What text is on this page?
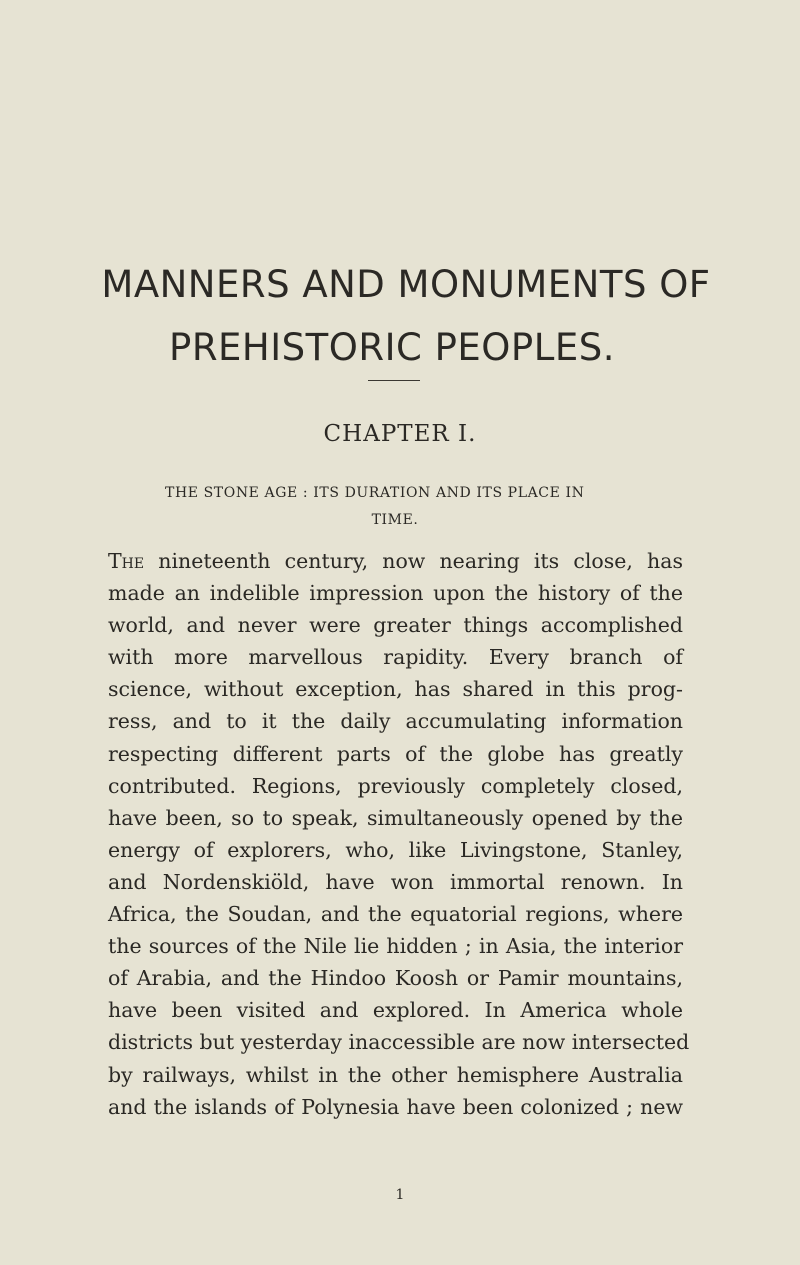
MANNERS AND MONUMENTS OF
PREHISTORIC PEOPLES.
CHAPTER I.
THE STONE AGE : ITS DURATION AND ITS PLACE IN
TIME.
The nineteenth century, now nearing its close, has
made an indelible impression upon the history of the
world, and never were greater things accomplished
with more marvellous rapidity. Every branch of
science, without exception, has shared in this prog-
ress, and to it the daily accumulating information
respecting different parts of the globe has greatly
contributed. Regions, previously completely closed,
have been, so to speak, simultaneously opened by the
energy of explorers, who, like Livingstone, Stanley,
and Nordenskiöld, have won immortal renown. In
Africa, the Soudan, and the equatorial regions, where
the sources of the Nile lie hidden ; in Asia, the interior
of Arabia, and the Hindoo Koosh or Pamir mountains,
have been visited and explored. In America whole
districts but yesterday inaccessible are now intersected
by railways, whilst in the other hemisphere Australia
and the islands of Polynesia have been colonized ; new
1
